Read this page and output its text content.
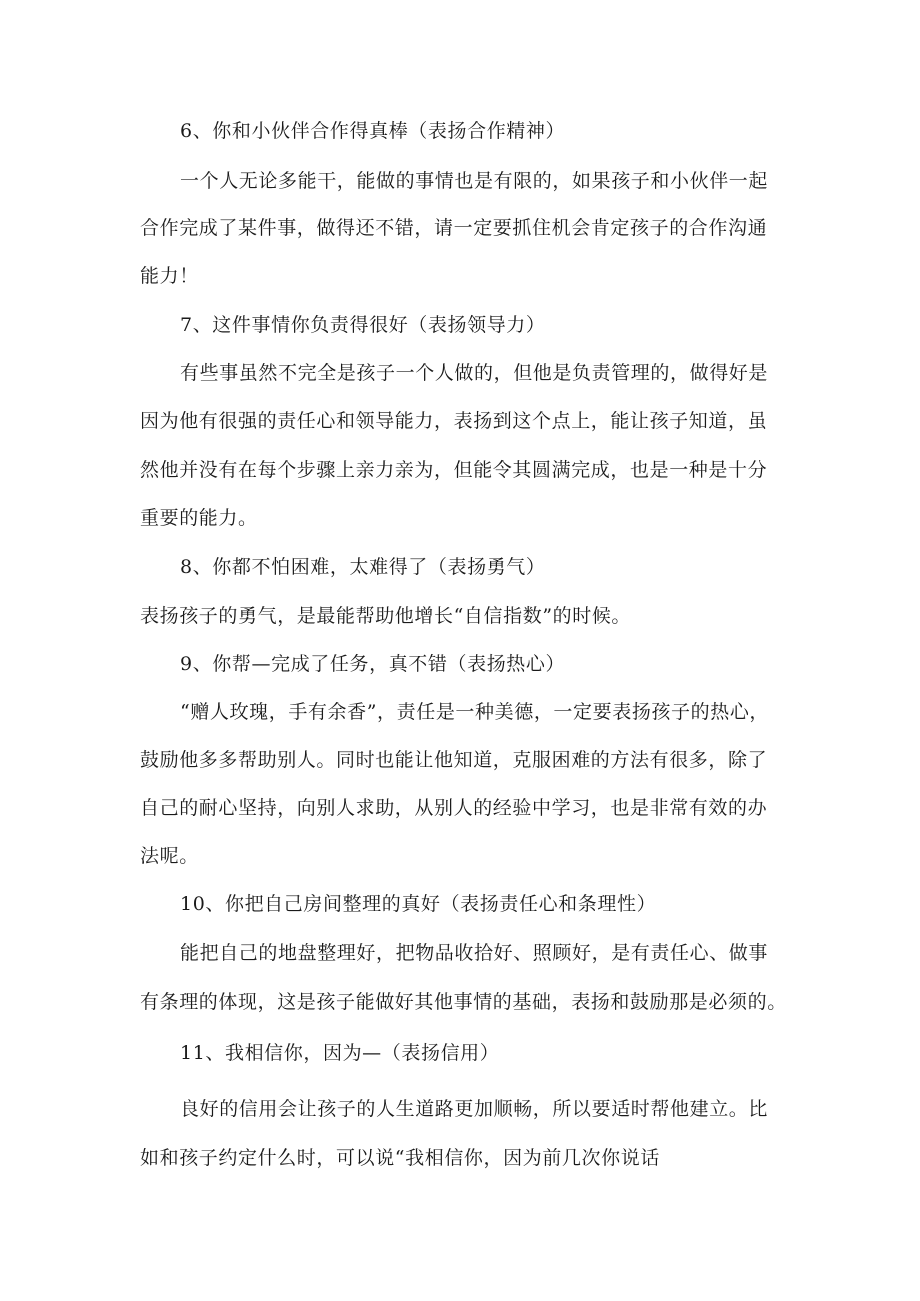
6、你和小伙伴合作得真棒（表扬合作精神）
一个人无论多能干，能做的事情也是有限的，如果孩子和小伙伴一起
合作完成了某件事，做得还不错，请一定要抓住机会肯定孩子的合作沟通
能力！
7、这件事情你负责得很好（表扬领导力）
有些事虽然不完全是孩子一个人做的，但他是负责管理的，做得好是
因为他有很强的责任心和领导能力，表扬到这个点上，能让孩子知道，虽
然他并没有在每个步骤上亲力亲为，但能令其圆满完成，也是一种是十分
重要的能力。
8、你都不怕困难，太难得了（表扬勇气）
表扬孩子的勇气，是最能帮助他增长“自信指数”的时候。
9、你帮—完成了任务，真不错（表扬热心）
“赠人玫瑰，手有余香”，责任是一种美德，一定要表扬孩子的热心，
鼓励他多多帮助别人。同时也能让他知道，克服困难的方法有很多，除了
自己的耐心坚持，向别人求助，从别人的经验中学习，也是非常有效的办
法呢。
10、你把自己房间整理的真好（表扬责任心和条理性）
能把自己的地盘整理好，把物品收拾好、照顾好，是有责任心、做事
有条理的体现，这是孩子能做好其他事情的基础，表扬和鼓励那是必须的。
11、我相信你，因为—（表扬信用）
良好的信用会让孩子的人生道路更加顺畅，所以要适时帮他建立。比
如和孩子约定什么时，可以说“我相信你，因为前几次你说话
